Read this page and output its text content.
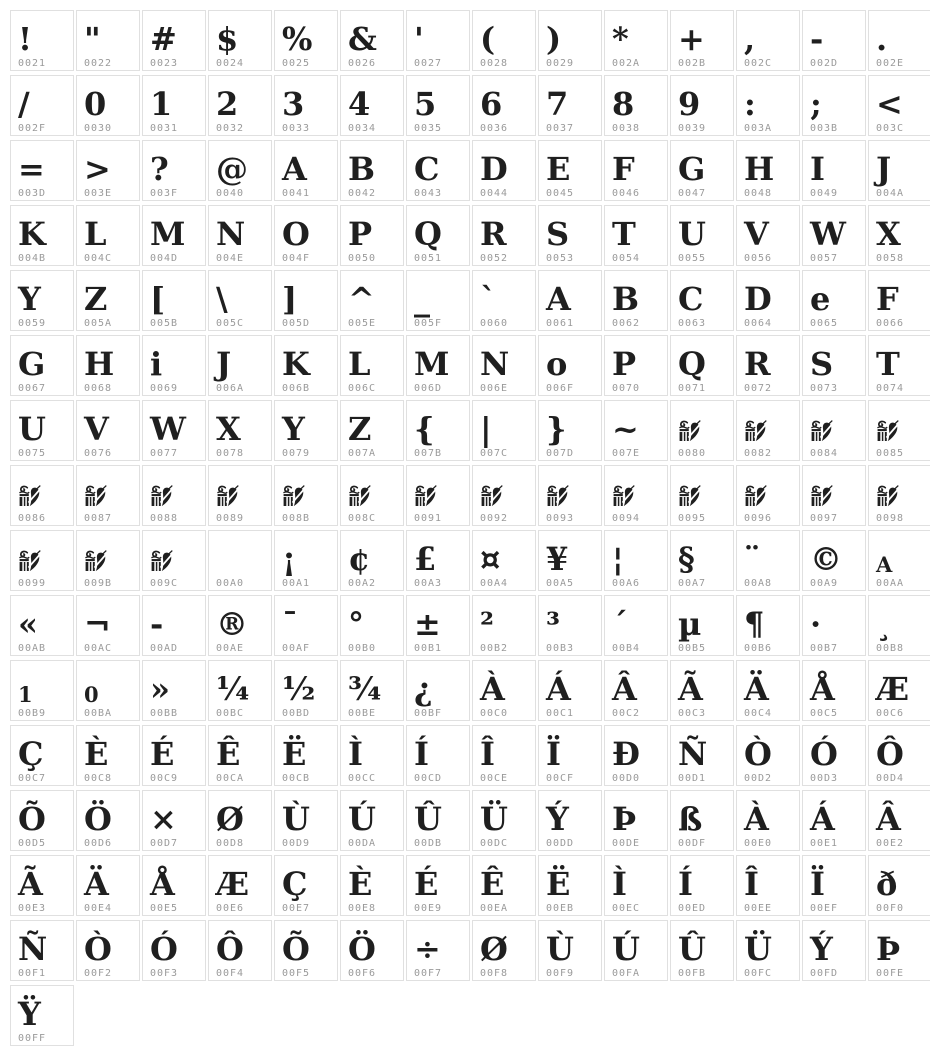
!
0021
"
0022
#
0023
$
0024
%
0025
&
0026
'
0027
(
0028
)
0029
*
002A
+
002B
,
002C
-
002D
.
002E
/
002F
0
0030
1
0031
2
0032
3
0033
4
0034
5
0035
6
0036
7
0037
8
0038
9
0039
:
003A
;
003B
<
003C
=
003D
>
003E
?
003F
@
0040
A
0041
B
0042
C
0043
D
0044
E
0045
F
0046
G
0047
H
0048
I
0049
J
004A
K
004B
L
004C
M
004D
N
004E
O
004F
P
0050
Q
0051
R
0052
S
0053
T
0054
U
0055
V
0056
W
0057
X
0058
Y
0059
Z
005A
[
005B
\
005C
]
005D
^
005E
_
005F
`
0060
A
0061
B
0062
C
0063
D
0064
e
0065
F
0066
G
0067
H
0068
i
0069
J
006A
K
006B
L
006C
M
006D
N
006E
o
006F
P
0070
Q
0071
R
0072
S
0073
T
0074
U
0075
V
0076
W
0077
X
0078
Y
0079
Z
007A
{
007B
|
007C
}
007D
~
007E	0080	0082	0084	0085
0086	0087	0088	0089	008B	008C	0091	0092	0093	0094	0095	0096	0097	0098
0099	009B	009C	00A0
¡
00A1
¢
00A2
£
00A3
¤
00A4
¥
00A5
¦
00A6
§
00A7
¨
00A8
©
00A9
A
00AA
«
00AB
¬
00AC
-
00AD
®
00AE
¯
00AF
°
00B0
±
00B1
²
00B2
³
00B3
´
00B4
µ
00B5
¶
00B6
·
00B7
¸
00B8
1
00B9
0
00BA
»
00BB
¼
00BC
½
00BD
¾
00BE
¿
00BF
À
00C0
Á
00C1
Â
00C2
Ã
00C3
Ä
00C4
Å
00C5
Æ
00C6
Ç
00C7
È
00C8
É
00C9
Ê
00CA
Ë
00CB
Ì
00CC
Í
00CD
Î
00CE
Ï
00CF
Ð
00D0
Ñ
00D1
Ò
00D2
Ó
00D3
Ô
00D4
Õ
00D5
Ö
00D6
×
00D7
Ø
00D8
Ù
00D9
Ú
00DA
Û
00DB
Ü
00DC
Ý
00DD
Þ
00DE
ß
00DF
À
00E0
Á
00E1
Â
00E2
Ã
00E3
Ä
00E4
Å
00E5
Æ
00E6
Ç
00E7
È
00E8
É
00E9
Ê
00EA
Ë
00EB
Ì
00EC
Í
00ED
Î
00EE
Ï
00EF
ð
00F0
Ñ
00F1
Ò
00F2
Ó
00F3
Ô
00F4
Õ
00F5
Ö
00F6
÷
00F7
Ø
00F8
Ù
00F9
Ú
00FA
Û
00FB
Ü
00FC
Ý
00FD
Þ
00FE
Ÿ
00FF
